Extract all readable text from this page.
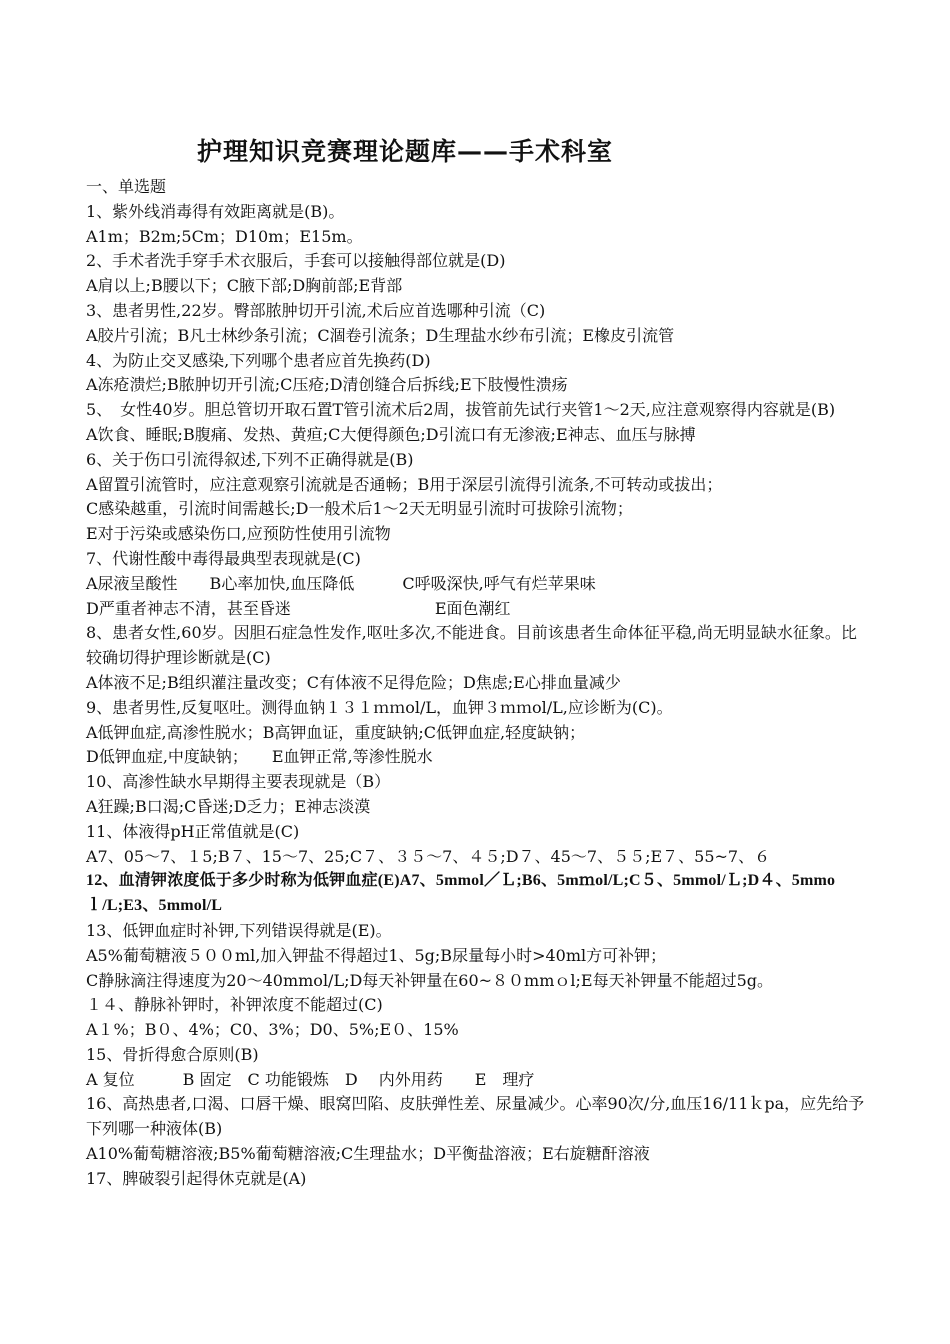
护理知识竞赛理论题库——手术科室
一、单选题
1、紫外线消毒得有效距离就是(B)。
A1m；B2m;5Cm；D10m；E15m。
2、手术者洗手穿手术衣服后，手套可以接触得部位就是(D)
A肩以上;B腰以下；C腋下部;D胸前部;E背部
3、患者男性,22岁。臀部脓肿切开引流,术后应首选哪种引流（C)
A胶片引流；B凡士林纱条引流；C涸卷引流条；D生理盐水纱布引流；E橡皮引流管
4、为防止交叉感染,下列哪个患者应首先换药(D)
A冻疮溃烂;B脓肿切开引流;C压疮;D清创缝合后拆线;E下肢慢性溃疡
5、　女性40岁。胆总管切开取石置T管引流术后2周，拔管前先试行夹管1～2天,应注意观察得内容就是(B)
A饮食、睡眠;B腹痛、发热、黄疸;C大便得颜色;D引流口有无渗液;E神志、血压与脉搏
6、关于伤口引流得叙述,下列不正确得就是(B)
A留置引流管时，应注意观察引流就是否通畅；B用于深层引流得引流条,不可转动或拔出；
C感染越重，引流时间需越长;D一般术后1～2天无明显引流时可拔除引流物；
E对于污染或感染伤口,应预防性使用引流物
7、代谢性酸中毒得最典型表现就是(C)
A尿液呈酸性　　B心率加快,血压降低　　　C呼吸深快,呼气有烂苹果味
D严重者神志不清，甚至昏迷　　　　　　　　　E面色潮红
8、患者女性,60岁。因胆石症急性发作,呕吐多次,不能进食。目前该患者生命体征平稳,尚无明显缺水征象。比较确切得护理诊断就是(C)
A体液不足;B组织灌注量改变；C有体液不足得危险；D焦虑;E心排血量减少
9、患者男性,反复呕吐。测得血钠１３１ｍｍol/L，血钾３ｍｍol/L,应诊断为(C)。
A低钾血症,高渗性脱水；B高钾血证，重度缺钠;C低钾血症,轻度缺钠；
D低钾血症,中度缺钠；　　E血钾正常,等渗性脱水
10、高渗性缺水早期得主要表现就是（B）
A狂躁;B口渴;C昏迷;D乏力；E神志淡漠
11、体液得pH正常值就是(C)
A7、05～7、１5;B７、15～7、25;C７、３５～7、４５;D７、45～7、５５;E７、55~7、６
12、血清钾浓度低于多少时称为低钾血症(E)A7、5mmol／Ｌ;B6、5mｍol/L;C５、5mmol/Ｌ;D４、5mmoｌ/L;E3、5mmol/L
13、低钾血症时补钾,下列错误得就是(E)。
A5%葡萄糖液５００ml,加入钾盐不得超过1、5g;B尿量每小时>40ml方可补钾；
C静脉滴注得速度为20～40mmol/L;D每天补钾量在60~８０mmｏl;E每天补钾量不能超过5g。
１４、静脉补钾时，补钾浓度不能超过(C)
A１%；B０、4%；C0、3%；D0、5%;E０、15%
15、骨折得愈合原则(B)
A 复位　　　B 固定　C 功能锻炼　D　 内外用药　　E　理疗
16、高热患者,口渴、口唇干燥、眼窝凹陷、皮肤弹性差、尿量减少。心率90次/分,血压16/11ｋpa，应先给予下列哪一种液体(B)
A10%葡萄糖溶液;B5%葡萄糖溶液;C生理盐水；D平衡盐溶液；E右旋糖酐溶液
17、脾破裂引起得休克就是(A)
